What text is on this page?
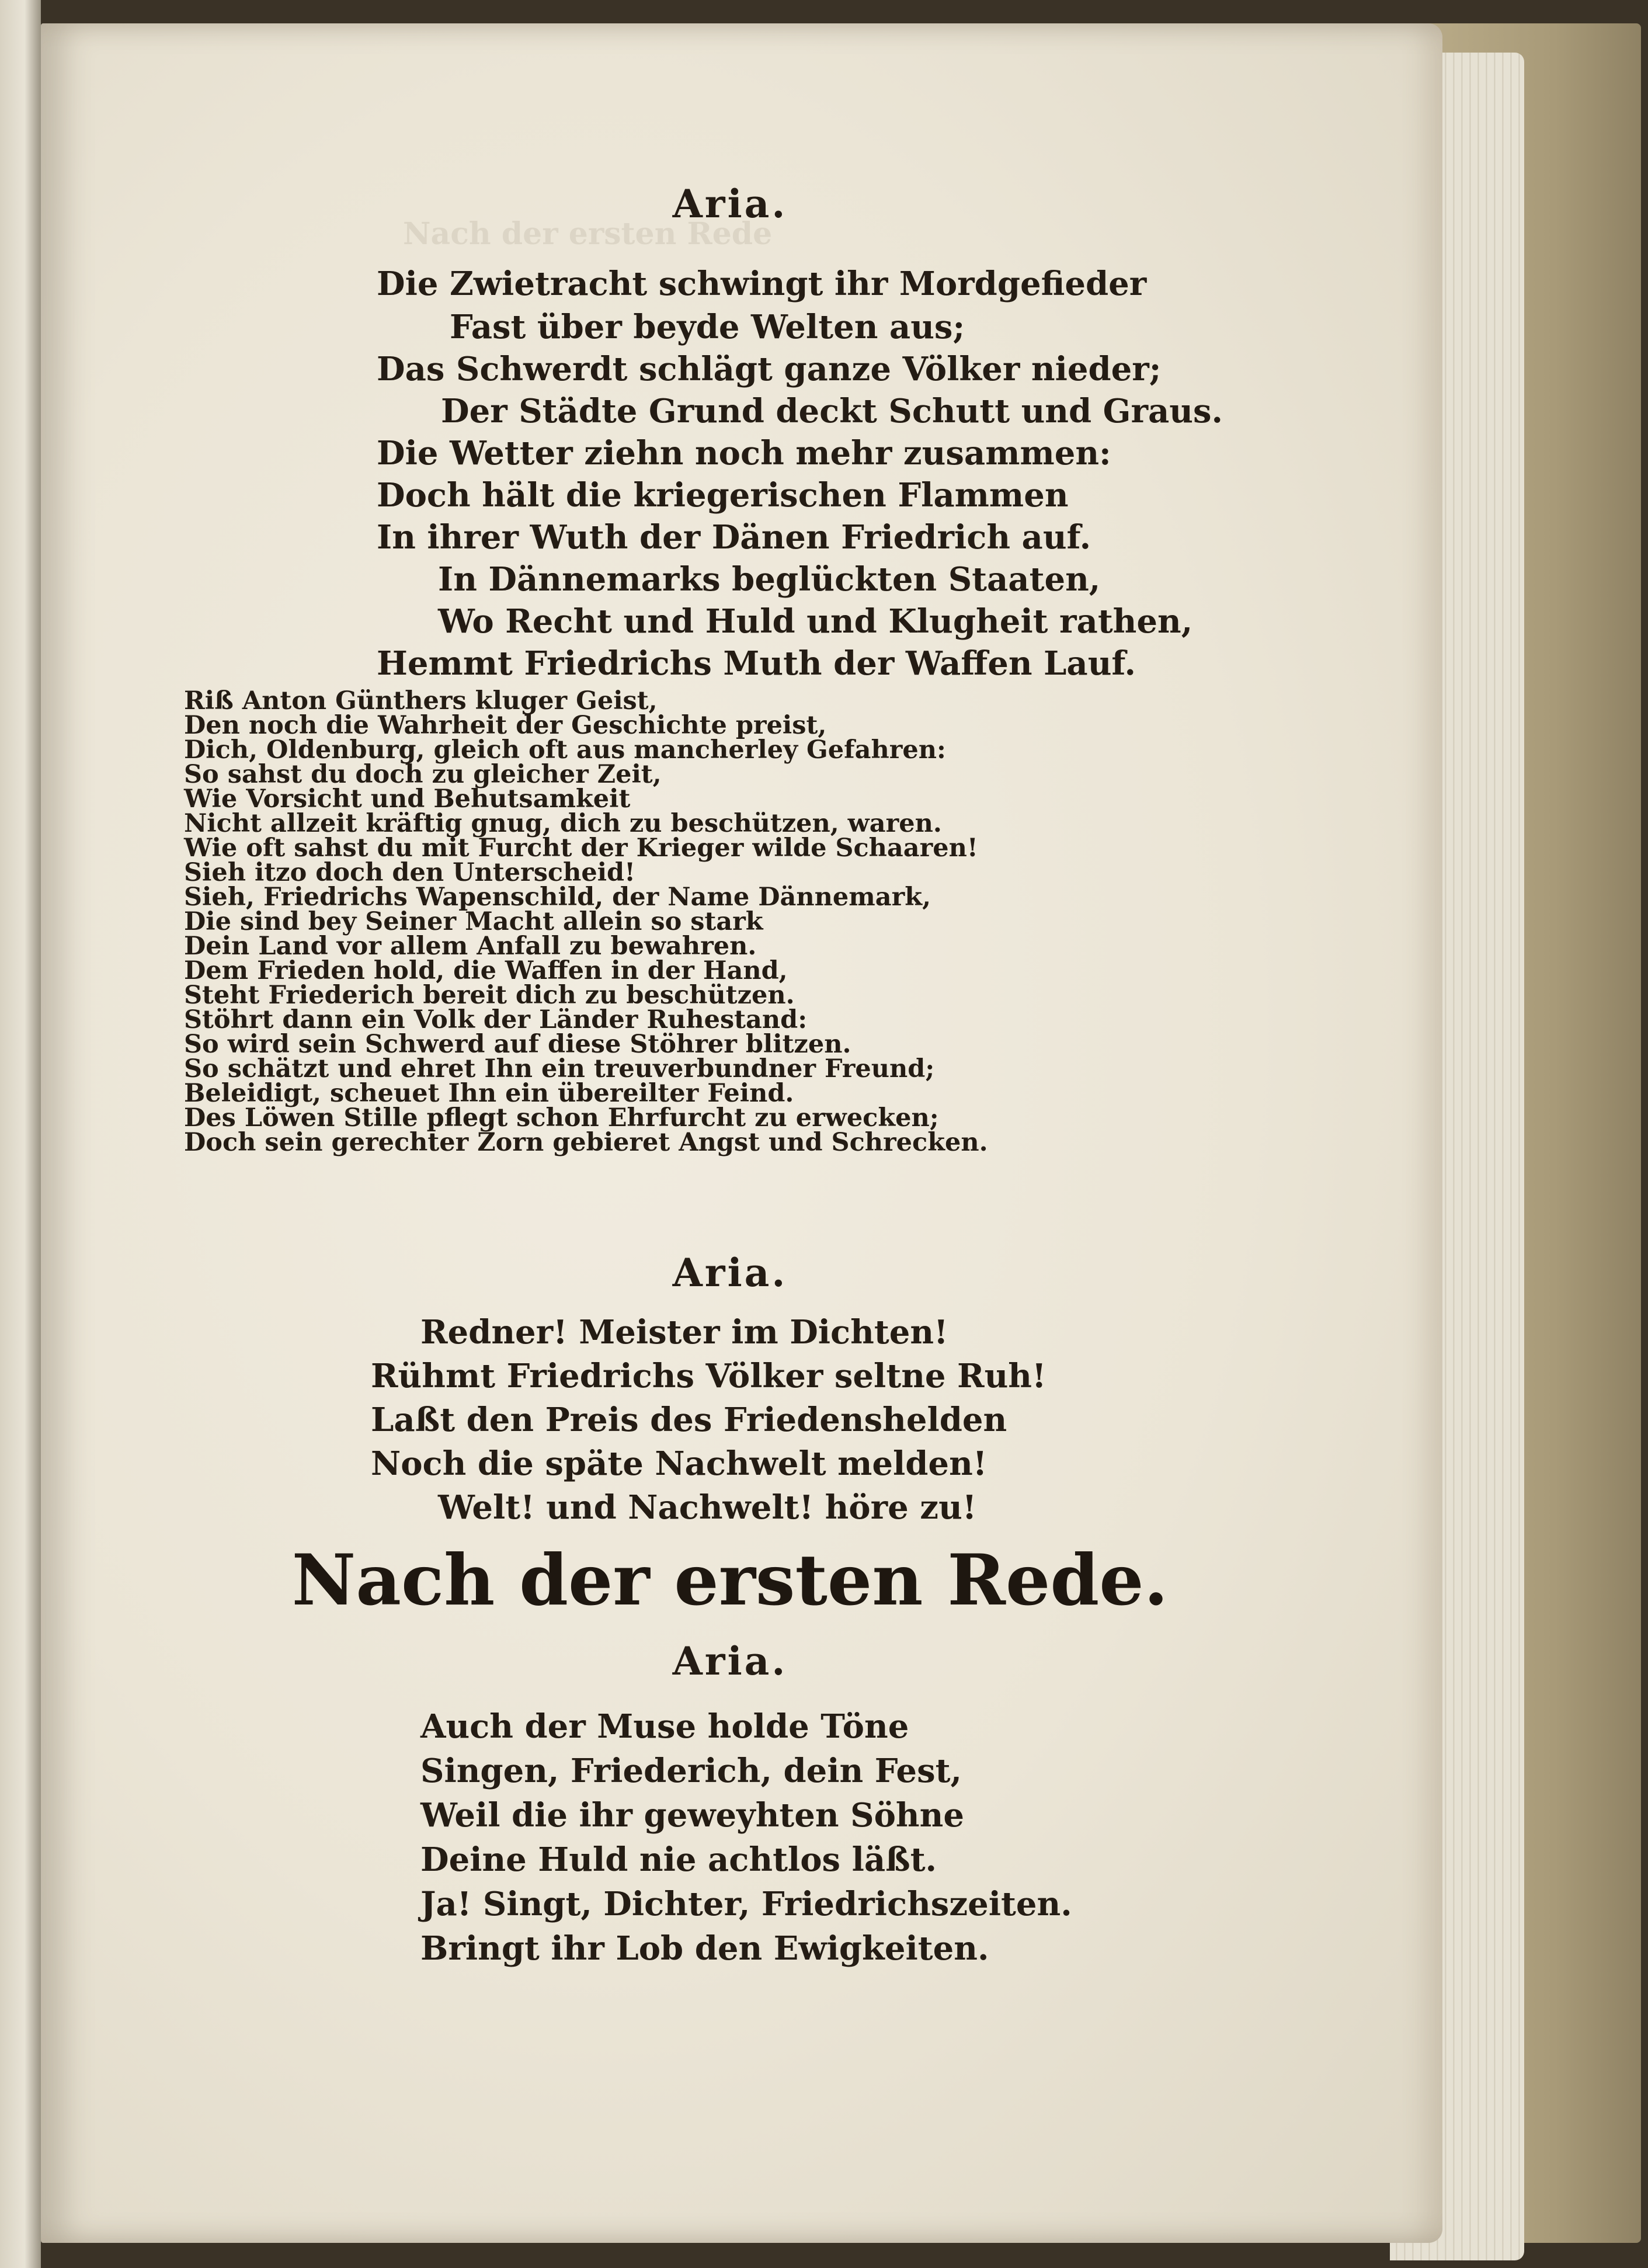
Nach der ersten Rede
Aria.
Die Zwietracht schwingt ihr Mordgefieder
Fast über beyde Welten aus;
Das Schwerdt schlägt ganze Völker nieder;
Der Städte Grund deckt Schutt und Graus.
Die Wetter ziehn noch mehr zusammen:
Doch hält die kriegerischen Flammen
In ihrer Wuth der Dänen Friedrich auf.
In Dännemarks beglückten Staaten,
Wo Recht und Huld und Klugheit rathen,
Hemmt Friedrichs Muth der Waffen Lauf.
Riß Anton Günthers kluger Geist,
Den noch die Wahrheit der Geschichte preist,
Dich, Oldenburg, gleich oft aus mancherley Gefahren:
So sahst du doch zu gleicher Zeit,
Wie Vorsicht und Behutsamkeit
Nicht allzeit kräftig gnug, dich zu beschützen, waren.
Wie oft sahst du mit Furcht der Krieger wilde Schaaren!
Sieh itzo doch den Unterscheid!
Sieh, Friedrichs Wapenschild, der Name Dännemark,
Die sind bey Seiner Macht allein so stark
Dein Land vor allem Anfall zu bewahren.
Dem Frieden hold, die Waffen in der Hand,
Steht Friederich bereit dich zu beschützen.
Stöhrt dann ein Volk der Länder Ruhestand:
So wird sein Schwerd auf diese Stöhrer blitzen.
So schätzt und ehret Ihn ein treuverbundner Freund;
Beleidigt, scheuet Ihn ein übereilter Feind.
Des Löwen Stille pflegt schon Ehrfurcht zu erwecken;
Doch sein gerechter Zorn gebieret Angst und Schrecken.
Aria.
Redner! Meister im Dichten!
Rühmt Friedrichs Völker seltne Ruh!
Laßt den Preis des Friedenshelden
Noch die späte Nachwelt melden!
Welt! und Nachwelt! höre zu!
Nach der ersten Rede.
Aria.
Auch der Muse holde Töne
Singen, Friederich, dein Fest,
Weil die ihr geweyhten Söhne
Deine Huld nie achtlos läßt.
Ja! Singt, Dichter, Friedrichszeiten.
Bringt ihr Lob den Ewigkeiten.
